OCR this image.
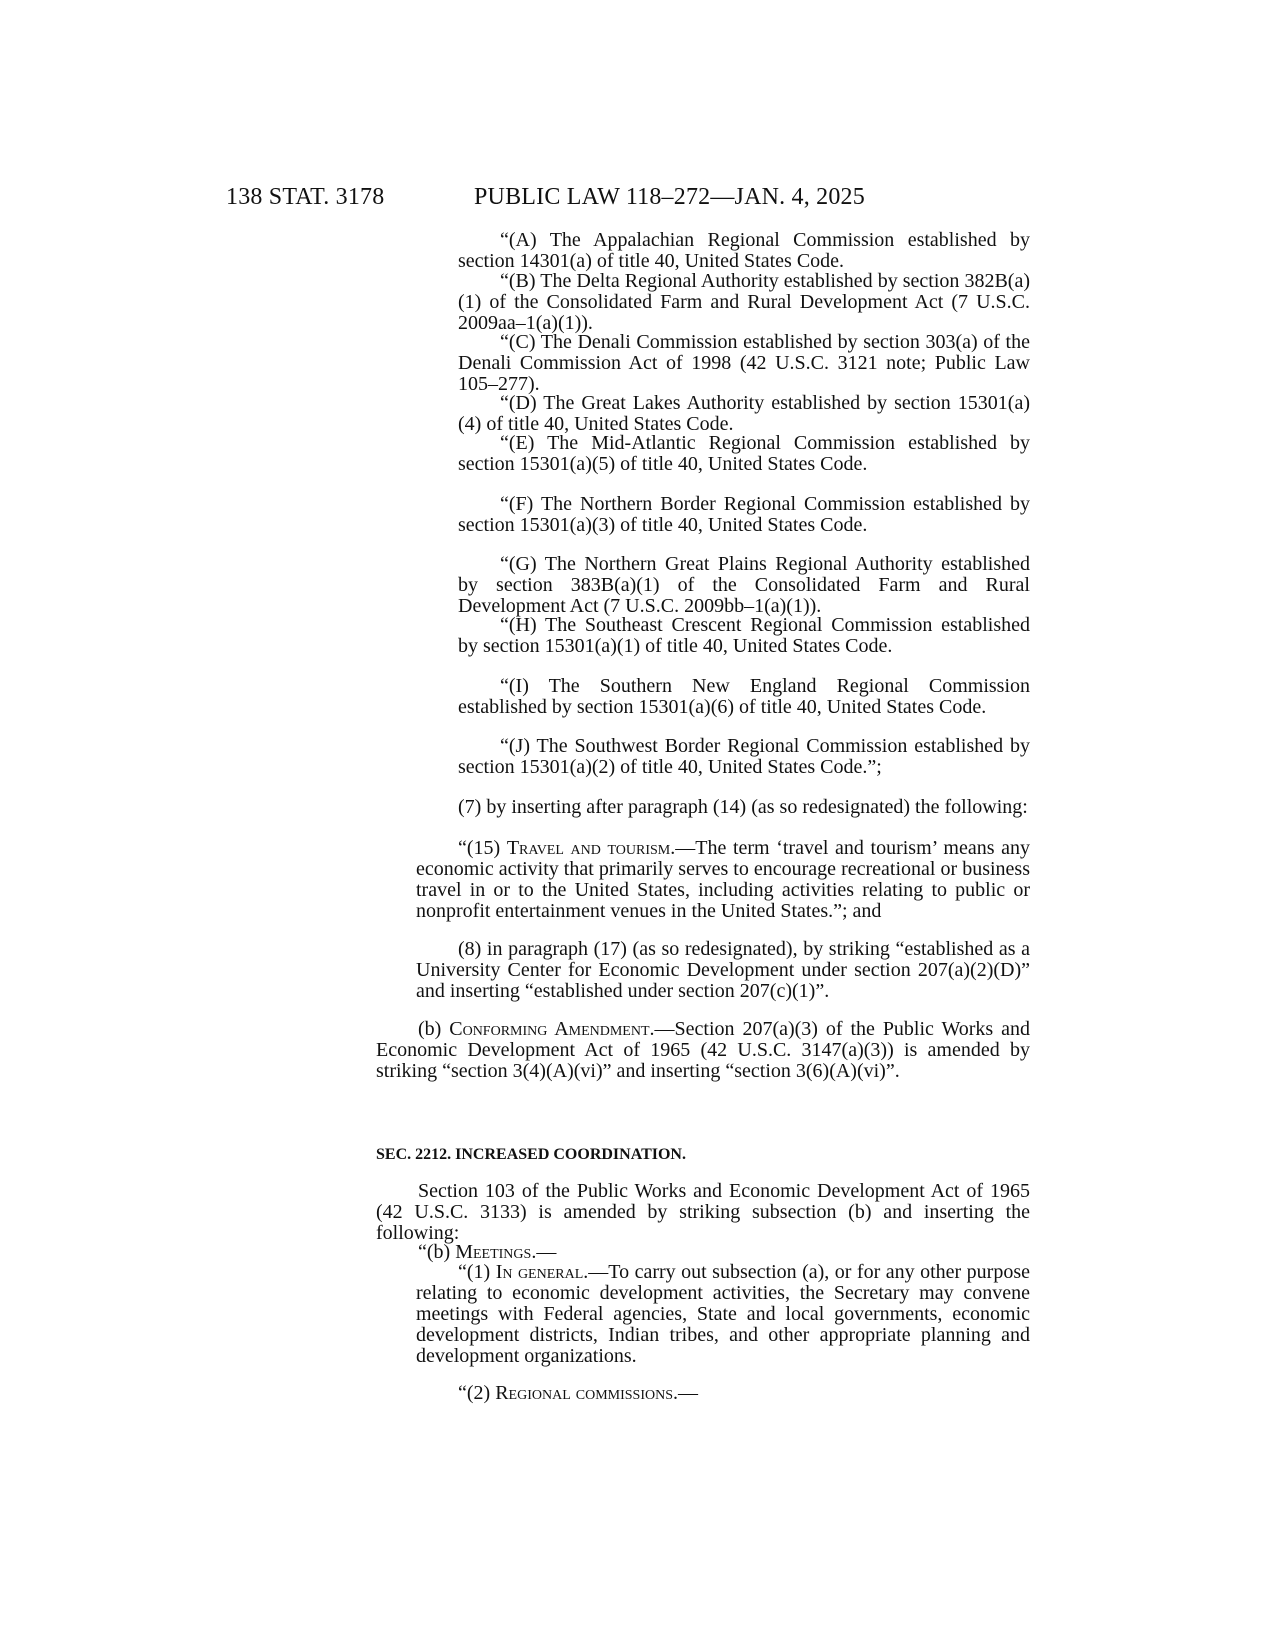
138 STAT. 3178	PUBLIC LAW 118–272—JAN. 4, 2025

“(A) The Appalachian Regional Commission established by section 14301(a) of title 40, United States Code.

“(B) The Delta Regional Authority established by section 382B(a)(1) of the Consolidated Farm and Rural Development Act (7 U.S.C. 2009aa–1(a)(1)).

“(C) The Denali Commission established by section 303(a) of the Denali Commission Act of 1998 (42 U.S.C. 3121 note; Public Law 105–277).

“(D) The Great Lakes Authority established by section 15301(a)(4) of title 40, United States Code.

“(E) The Mid-Atlantic Regional Commission established by section 15301(a)(5) of title 40, United States Code.

“(F) The Northern Border Regional Commission established by section 15301(a)(3) of title 40, United States Code.

“(G) The Northern Great Plains Regional Authority established by section 383B(a)(1) of the Consolidated Farm and Rural Development Act (7 U.S.C. 2009bb–1(a)(1)).

“(H) The Southeast Crescent Regional Commission established by section 15301(a)(1) of title 40, United States Code.

“(I) The Southern New England Regional Commission established by section 15301(a)(6) of title 40, United States Code.

“(J) The Southwest Border Regional Commission established by section 15301(a)(2) of title 40, United States Code.”;

(7) by inserting after paragraph (14) (as so redesignated) the following:

“(15) Travel and tourism.—The term ‘travel and tourism’ means any economic activity that primarily serves to encourage recreational or business travel in or to the United States, including activities relating to public or nonprofit entertainment venues in the United States.”; and

(8) in paragraph (17) (as so redesignated), by striking “established as a University Center for Economic Development under section 207(a)(2)(D)” and inserting “established under section 207(c)(1)”.

(b) Conforming Amendment.—Section 207(a)(3) of the Public Works and Economic Development Act of 1965 (42 U.S.C. 3147(a)(3)) is amended by striking “section 3(4)(A)(vi)” and inserting “section 3(6)(A)(vi)”.

SEC. 2212. INCREASED COORDINATION.

Section 103 of the Public Works and Economic Development Act of 1965 (42 U.S.C. 3133) is amended by striking subsection (b) and inserting the following:

“(b) Meetings.—

“(1) In general.—To carry out subsection (a), or for any other purpose relating to economic development activities, the Secretary may convene meetings with Federal agencies, State and local governments, economic development districts, Indian tribes, and other appropriate planning and development organizations.

“(2) Regional commissions.—
